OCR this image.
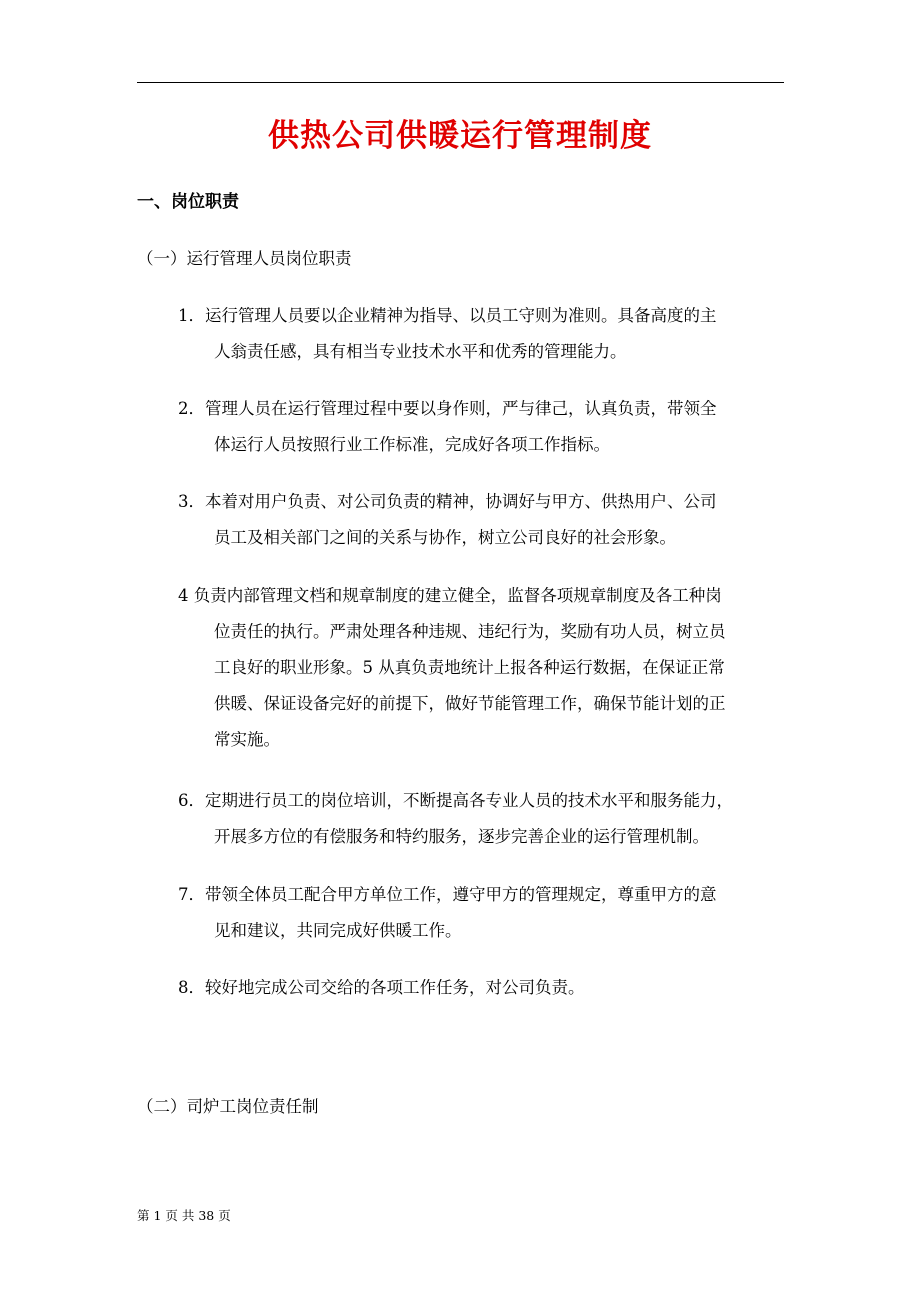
供热公司供暖运行管理制度
一、岗位职责
（一）运行管理人员岗位职责
1．运行管理人员要以企业精神为指导、以员工守则为准则。具备高度的主
人翁责任感，具有相当专业技术水平和优秀的管理能力。
2．管理人员在运行管理过程中要以身作则，严与律己，认真负责，带领全
体运行人员按照行业工作标准，完成好各项工作指标。
3．本着对用户负责、对公司负责的精神，协调好与甲方、供热用户、公司
员工及相关部门之间的关系与协作，树立公司良好的社会形象。
4 负责内部管理文档和规章制度的建立健全，监督各项规章制度及各工种岗
位责任的执行。严肃处理各种违规、违纪行为，奖励有功人员，树立员
工良好的职业形象。5 从真负责地统计上报各种运行数据，在保证正常
供暖、保证设备完好的前提下，做好节能管理工作，确保节能计划的正
常实施。
6．定期进行员工的岗位培训，不断提高各专业人员的技术水平和服务能力，
开展多方位的有偿服务和特约服务，逐步完善企业的运行管理机制。
7．带领全体员工配合甲方单位工作，遵守甲方的管理规定，尊重甲方的意
见和建议，共同完成好供暖工作。
8．较好地完成公司交给的各项工作任务，对公司负责。
（二）司炉工岗位责任制
第 1 页 共 38 页
